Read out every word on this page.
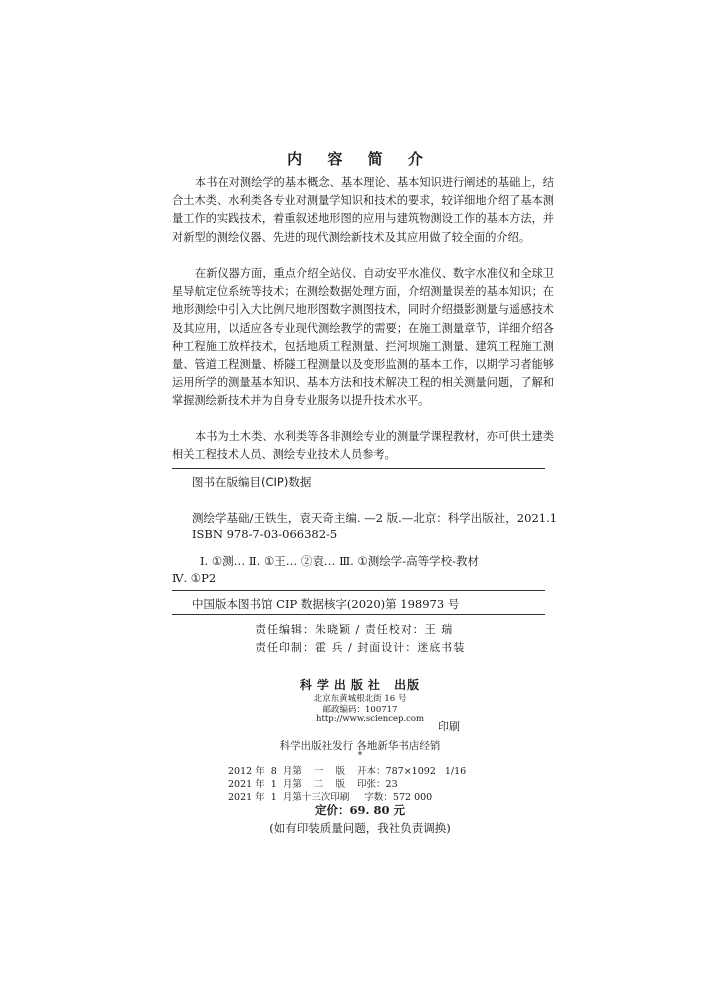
内 容 简 介

本书在对测绘学的基本概念、基本理论、基本知识进行阐述的基础上，结合土木类、水利类各专业对测量学知识和技术的要求，较详细地介绍了基本测量工作的实践技术，着重叙述地形图的应用与建筑物测设工作的基本方法，并对新型的测绘仪器、先进的现代测绘新技术及其应用做了较全面的介绍。

在新仪器方面，重点介绍全站仪、自动安平水准仪、数字水准仪和全球卫星导航定位系统等技术；在测绘数据处理方面，介绍测量误差的基本知识；在地形测绘中引入大比例尺地形图数字测图技术，同时介绍摄影测量与遥感技术及其应用，以适应各专业现代测绘教学的需要；在施工测量章节，详细介绍各种工程施工放样技术，包括地质工程测量、拦河坝施工测量、建筑工程施工测量、管道工程测量、桥隧工程测量以及变形监测的基本工作，以期学习者能够运用所学的测量基本知识、基本方法和技术解决工程的相关测量问题，了解和掌握测绘新技术并为自身专业服务以提升技术水平。

本书为土木类、水利类等各非测绘专业的测量学课程教材，亦可供土建类相关工程技术人员、测绘专业技术人员参考。

图书在版编目(CIP)数据
测绘学基础/王铁生，袁天奇主编. —2 版.—北京：科学出版社，2021.1
ISBN 978-7-03-066382-5
Ⅰ. ①测… Ⅱ. ①王… ②袁… Ⅲ. ①测绘学-高等学校-教材
Ⅳ. ①P2
中国版本图书馆 CIP 数据核字(2020)第 198973 号
责任编辑：朱晓颖 / 责任校对：王 瑞
责任印制：霍 兵 / 封面设计：迷底书装
科学出版社 出版
北京东黄城根北街 16 号
邮政编码：100717
http://www.sciencep.com
印刷
科学出版社发行 各地新华书店经销
*
2012 年  8  月第    一    版    开本：787×1092   1/16
2021 年  1  月第    二    版    印张：23
2021 年  1  月第十三次印刷     字数：572 000
定价：69. 80 元
(如有印装质量问题，我社负责调换)
